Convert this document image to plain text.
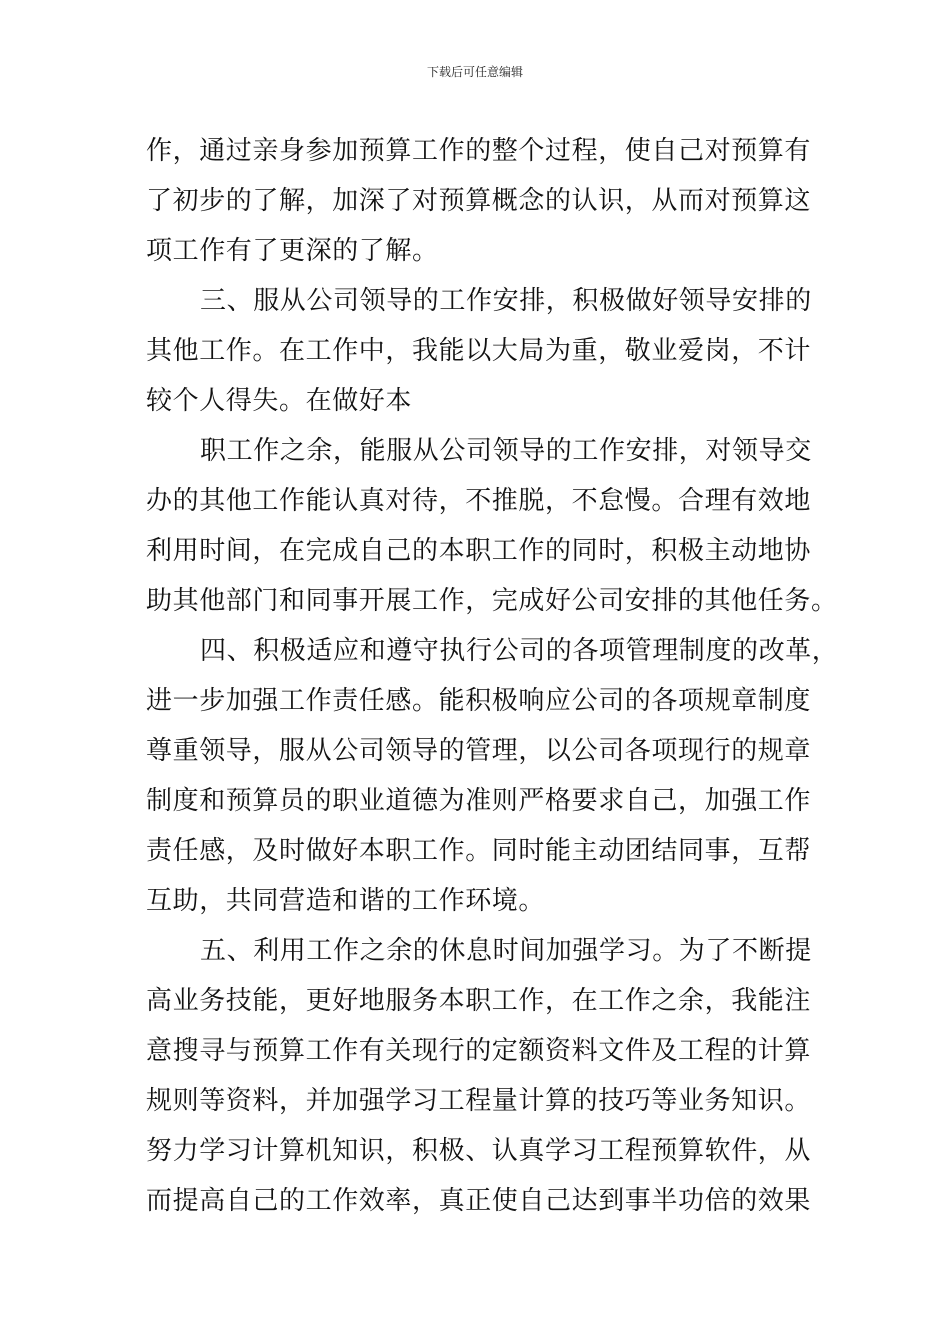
下载后可任意编辑
作，通过亲身参加预算工作的整个过程，使自己对预算有
了初步的了解，加深了对预算概念的认识，从而对预算这
项工作有了更深的了解。
三、服从公司领导的工作安排，积极做好领导安排的
其他工作。在工作中，我能以大局为重，敬业爱岗，不计
较个人得失。在做好本
职工作之余，能服从公司领导的工作安排，对领导交
办的其他工作能认真对待，不推脱，不怠慢。合理有效地
利用时间，在完成自己的本职工作的同时，积极主动地协
助其他部门和同事开展工作，完成好公司安排的其他任务。
四、积极适应和遵守执行公司的各项管理制度的改革，
进一步加强工作责任感。能积极响应公司的各项规章制度
尊重领导，服从公司领导的管理，以公司各项现行的规章
制度和预算员的职业道德为准则严格要求自己，加强工作
责任感，及时做好本职工作。同时能主动团结同事，互帮
互助，共同营造和谐的工作环境。
五、利用工作之余的休息时间加强学习。为了不断提
高业务技能，更好地服务本职工作，在工作之余，我能注
意搜寻与预算工作有关现行的定额资料文件及工程的计算
规则等资料，并加强学习工程量计算的技巧等业务知识。
努力学习计算机知识，积极、认真学习工程预算软件，从
而提高自己的工作效率，真正使自己达到事半功倍的效果
